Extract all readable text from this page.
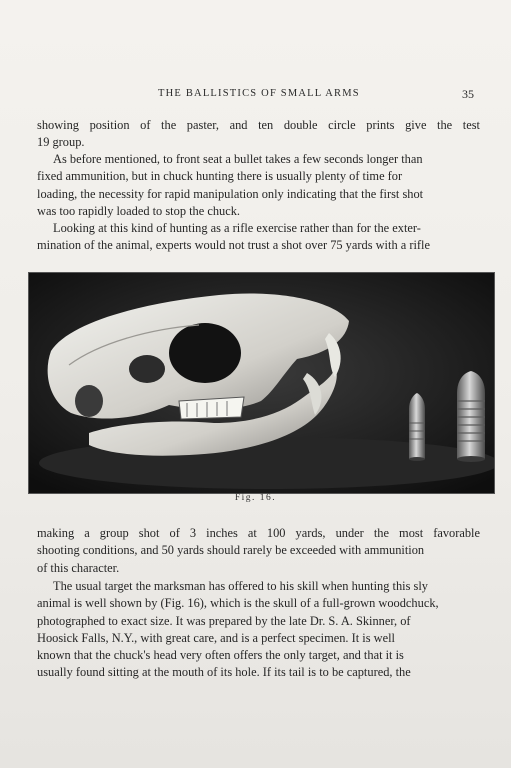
THE BALLISTICS OF SMALL ARMS	35
showing position of the paster, and ten double circle prints give the test
19 group.
As before mentioned, to front seat a bullet takes a few seconds longer than
fixed ammunition, but in chuck hunting there is usually plenty of time for
loading, the necessity for rapid manipulation only indicating that the first shot
was too rapidly loaded to stop the chuck.
Looking at this kind of hunting as a rifle exercise rather than for the exter-
mination of the animal, experts would not trust a shot over 75 yards with a rifle
Fig. 16.
making a group shot of 3 inches at 100 yards, under the most favorable
shooting conditions, and 50 yards should rarely be exceeded with ammunition
of this character.
The usual target the marksman has offered to his skill when hunting this sly
animal is well shown by (Fig. 16), which is the skull of a full-grown woodchuck,
photographed to exact size. It was prepared by the late Dr. S. A. Skinner, of
Hoosick Falls, N.Y., with great care, and is a perfect specimen. It is well
known that the chuck's head very often offers the only target, and that it is
usually found sitting at the mouth of its hole. If its tail is to be captured, the
